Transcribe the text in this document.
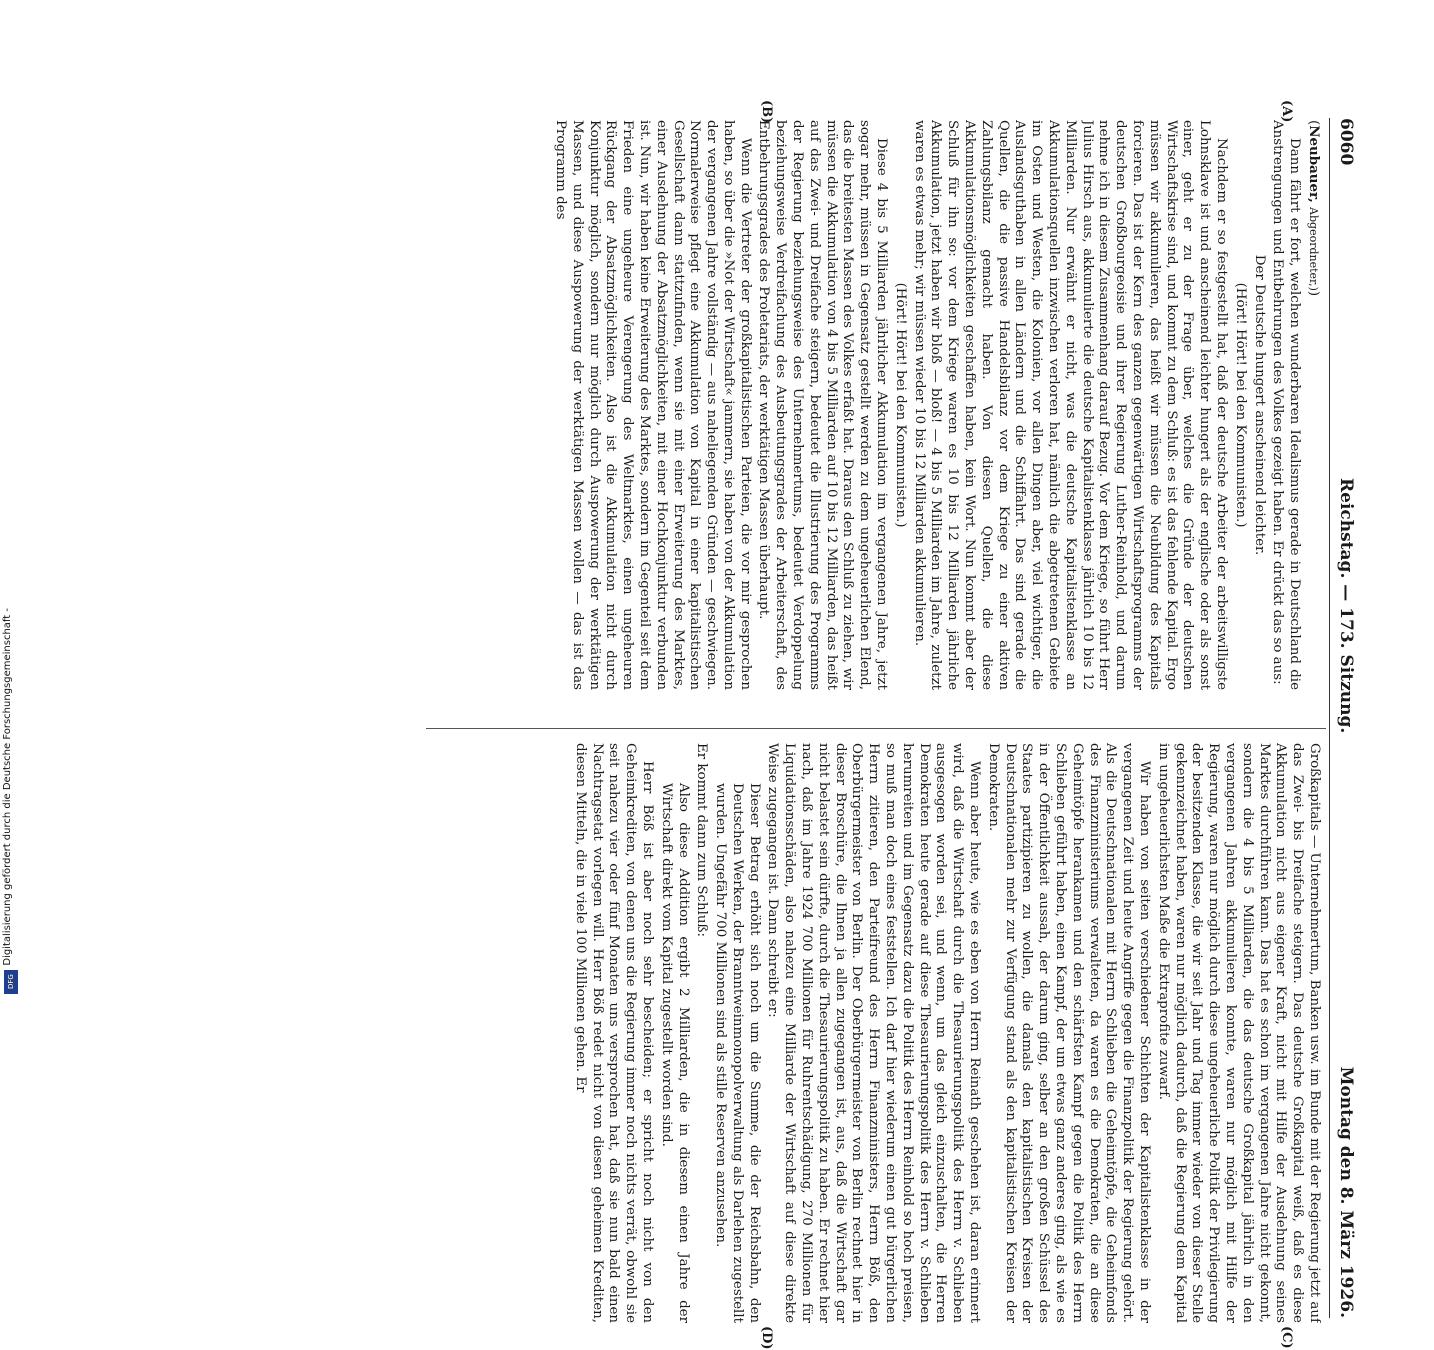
6060
Reichstag. — 173. Sitzung.
Montag den 8. März 1926.
(A)
(B)
(C)
(D)

(Neubauer, Abgeordneter,))

Dann fährt er fort, welchen wunderbaren Idealismus gerade in Deutschland die Anstrengungen und Entbehrungen des Volkes gezeigt haben. Er drückt das so aus:

Der Deutsche hungert anscheinend leichter.

(Hört! Hört! bei den Kommunisten.)

Nachdem er so festgestellt hat, daß der deutsche Arbeiter der arbeitswilligste Lohnsklave ist und anscheinend leichter hungert als der englische oder als sonst einer, geht er zu der Frage über, welches die Gründe der deutschen Wirtschaftskrise sind, und kommt zu dem Schluß: es ist das fehlende Kapital. Ergo müssen wir akkumulieren, das heißt wir müssen die Neubildung des Kapitals forcieren. Das ist der Kern des ganzen gegenwärtigen Wirtschaftsprogramms der deutschen Großbourgeoisie und ihrer Regierung Luther-Reinhold, und darum nehme ich in diesem Zusammenhang darauf Bezug. Vor dem Kriege, so führt Herr Julius Hirsch aus, akkumulierte die deutsche Kapitalistenklasse jährlich 10 bis 12 Milliarden. Nur erwähnt er nicht, was die deutsche Kapitalistenklasse an Akkumulationsquellen inzwischen verloren hat, nämlich die abgetretenen Gebiete im Osten und Westen, die Kolonien, vor allen Dingen aber, viel wichtiger, die Auslandsguthaben in allen Ländern und die Schiffahrt. Das sind gerade die Quellen, die die passive Handelsbilanz vor dem Kriege zu einer aktiven Zahlungsbilanz gemacht haben. Von diesen Quellen, die diese Akkumulationsmöglichkeiten geschaffen haben, kein Wort. Nun kommt aber der Schluß für ihn so: vor dem Kriege waren es 10 bis 12 Milliarden jährliche Akkumulation, jetzt haben wir bloß — bloß! — 4 bis 5 Milliarden im Jahre, zuletzt waren es etwas mehr; wir müssen wieder 10 bis 12 Milliarden akkumulieren.

(Hört! Hört! bei den Kommunisten.)

Diese 4 bis 5 Milliarden jährlicher Akkumulation im vergangenen Jahre, jetzt sogar mehr, müssen in Gegensatz gestellt werden zu dem ungeheuerlichen Elend, das die breitesten Massen des Volkes erfaßt hat. Daraus den Schluß zu ziehen, wir müssen die Akkumulation von 4 bis 5 Milliarden auf 10 bis 12 Milliarden, das heißt auf das Zwei- und Dreifache steigern, bedeutet die Illustrierung des Programms der Regierung beziehungsweise des Unternehmertums, bedeutet Verdoppelung beziehungsweise Verdreifachung des Ausbeutungsgrades der Arbeiterschaft, des Entbehrungsgrades des Proletariats, der werktätigen Massen überhaupt.

Wenn die Vertreter der großkapitalistischen Parteien, die vor mir gesprochen haben, so über die »Not der Wirtschaft« jammern, sie haben von der Akkumulation der vergangenen Jahre vollständig — aus naheliegenden Gründen — geschwiegen. Normalerweise pflegt eine Akkumulation von Kapital in einer kapitalistischen Gesellschaft dann stattzufinden, wenn sie mit einer Erweiterung des Marktes, einer Ausdehnung der Absatzmöglichkeiten, mit einer Hochkonjunktur verbunden ist. Nun, wir haben keine Erweiterung des Marktes, sondern im Gegenteil seit dem Frieden eine ungeheure Verengerung des Weltmarktes, einen ungeheuren Rückgang der Absatzmöglichkeiten. Also ist die Akkumulation nicht durch Konjunktur möglich, sondern nur möglich durch Auspowerung der werktätigen Massen, und diese Auspowerung der werktätigen Massen wollen — das ist das Programm des

Großkapitals — Unternehmertum, Banken usw. im Bunde mit der Regierung jetzt auf das Zwei- bis Dreifache steigern. Das deutsche Großkapital weiß, daß es diese Akkumulation nicht aus eigener Kraft, nicht mit Hilfe der Ausdehnung seines Marktes durchführen kann. Das hat es schon im vergangenen Jahre nicht gekonnt, sondern die 4 bis 5 Milliarden, die das deutsche Großkapital jährlich in den vergangenen Jahren akkumulieren konnte, waren nur möglich mit Hilfe der Regierung, waren nur möglich durch diese ungeheuerliche Politik der Privilegierung der besitzenden Klasse, die wir seit Jahr und Tag immer wieder von dieser Stelle gekennzeichnet haben, waren nur möglich dadurch, daß die Regierung dem Kapital im ungeheuerlichsten Maße die Extraprofite zuwarf.

Wir haben von seiten verschiedener Schichten der Kapitalistenklasse in der vergangenen Zeit und heute Angriffe gegen die Finanzpolitik der Regierung gehört. Als die Deutschnationalen mit Herrn Schlieben die Geheimtöpfe, die Geheimfonds des Finanzministeriums verwalteten, da waren es die Demokraten, die an diese Geheimtöpfe herankamen und den schärfsten Kampf gegen die Politik des Herrn Schlieben geführt haben, einen Kampf, der um etwas ganz anderes ging, als wie es in der Öffentlichkeit aussah, der darum ging, selber an den großen Schüssel des Staates partizipieren zu wollen, die damals den kapitalistischen Kreisen der Deutschnationalen mehr zur Verfügung stand als den kapitalistischen Kreisen der Demokraten.

Wenn aber heute, wie es eben von Herrn Reinath geschehen ist, daran erinnert wird, daß die Wirtschaft durch die Thesaurierungspolitik des Herrn v. Schlieben ausgesogen worden sei, und wenn, um das gleich einzuschalten, die Herren Demokraten heute gerade auf diese Thesaurierungspolitik des Herrn v. Schlieben herumreiten und im Gegensatz dazu die Politik des Herrn Reinhold so hoch preisen, so muß man doch eines feststellen. Ich darf hier wiederum einen gut bürgerlichen Herrn zitieren, den Parteifreund des Herrn Finanzministers, Herrn Böß, den Oberbürgermeister von Berlin. Der Oberbürgermeister von Berlin rechnet hier in dieser Broschüre, die Ihnen ja allen zugegangen ist, aus, daß die Wirtschaft gar nicht belastet sein dürfte, durch die Thesaurierungspolitik zu haben. Er rechnet hier nach, daß im Jahre 1924 700 Millionen für Ruhrentschädigung, 270 Millionen für Liquidationsschäden, also nahezu eine Milliarde der Wirtschaft auf diese direkte Weise zugegangen ist. Dann schreibt er:

Dieser Betrag erhöht sich noch um die Summe, die der Reichsbahn, den Deutschen Werken, der Branntweinmonopolverwaltung als Darlehen zugestellt wurden. Ungefähr 700 Millionen sind als stille Reserven anzusehen.

Er kommt dann zum Schluß:

Also diese Addition ergibt 2 Milliarden, die in diesem einen Jahre der Wirtschaft direkt vom Kapital zugestellt worden sind.

Herr Böß ist aber noch sehr bescheiden; er spricht noch nicht von den Geheimkrediten, von denen uns die Regierung immer noch nichts verrät, obwohl sie seit nahezu vier oder fünf Monaten uns versprochen hat, daß sie nun bald einen Nachtragsetat vorlegen will. Herr Böß redet nicht von diesen geheimen Krediten, diesen Mitteln, die in viele 100 Millionen gehen. Er

Digitalisierung gefördert durch die Deutsche Forschungsgemeinschaft -
DFG
